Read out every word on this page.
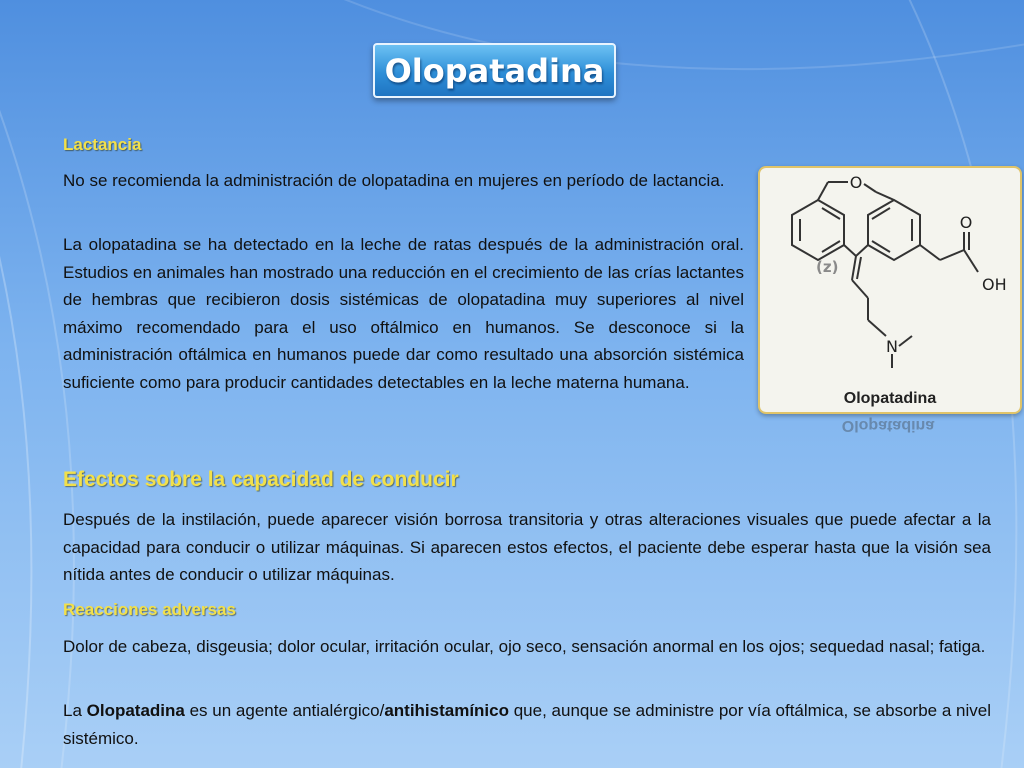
Olopatadina
Lactancia

No se recomienda la administración de olopatadina en mujeres en período de lactancia.

La olopatadina se ha detectado en la leche de ratas después de la administración oral. Estudios en animales han mostrado una reducción en el crecimiento de las crías lactantes de hembras que recibieron dosis sistémicas de olopatadina muy superiores al nivel máximo recomendado para el uso oftálmico en humanos. Se desconoce si la administración oftálmica en humanos puede dar como resultado una absorción sistémica suficiente como para producir cantidades detectables en la leche materna humana.

Efectos sobre la capacidad de conducir

Después de la instilación, puede aparecer visión borrosa transitoria y otras alteraciones visuales que puede afectar a la capacidad para conducir o utilizar máquinas. Si aparecen estos efectos, el paciente debe esperar hasta que la visión sea nítida antes de conducir o utilizar máquinas.

Reacciones adversas

Dolor de cabeza, disgeusia; dolor ocular, irritación ocular, ojo seco, sensación anormal en los ojos; sequedad nasal; fatiga.

La Olopatadina es un agente antialérgico/antihistamínico que, aunque se administre por vía oftálmica, se absorbe a nivel sistémico.

O
O
OH
N
(z)
Olopatadina
Olopatadina
